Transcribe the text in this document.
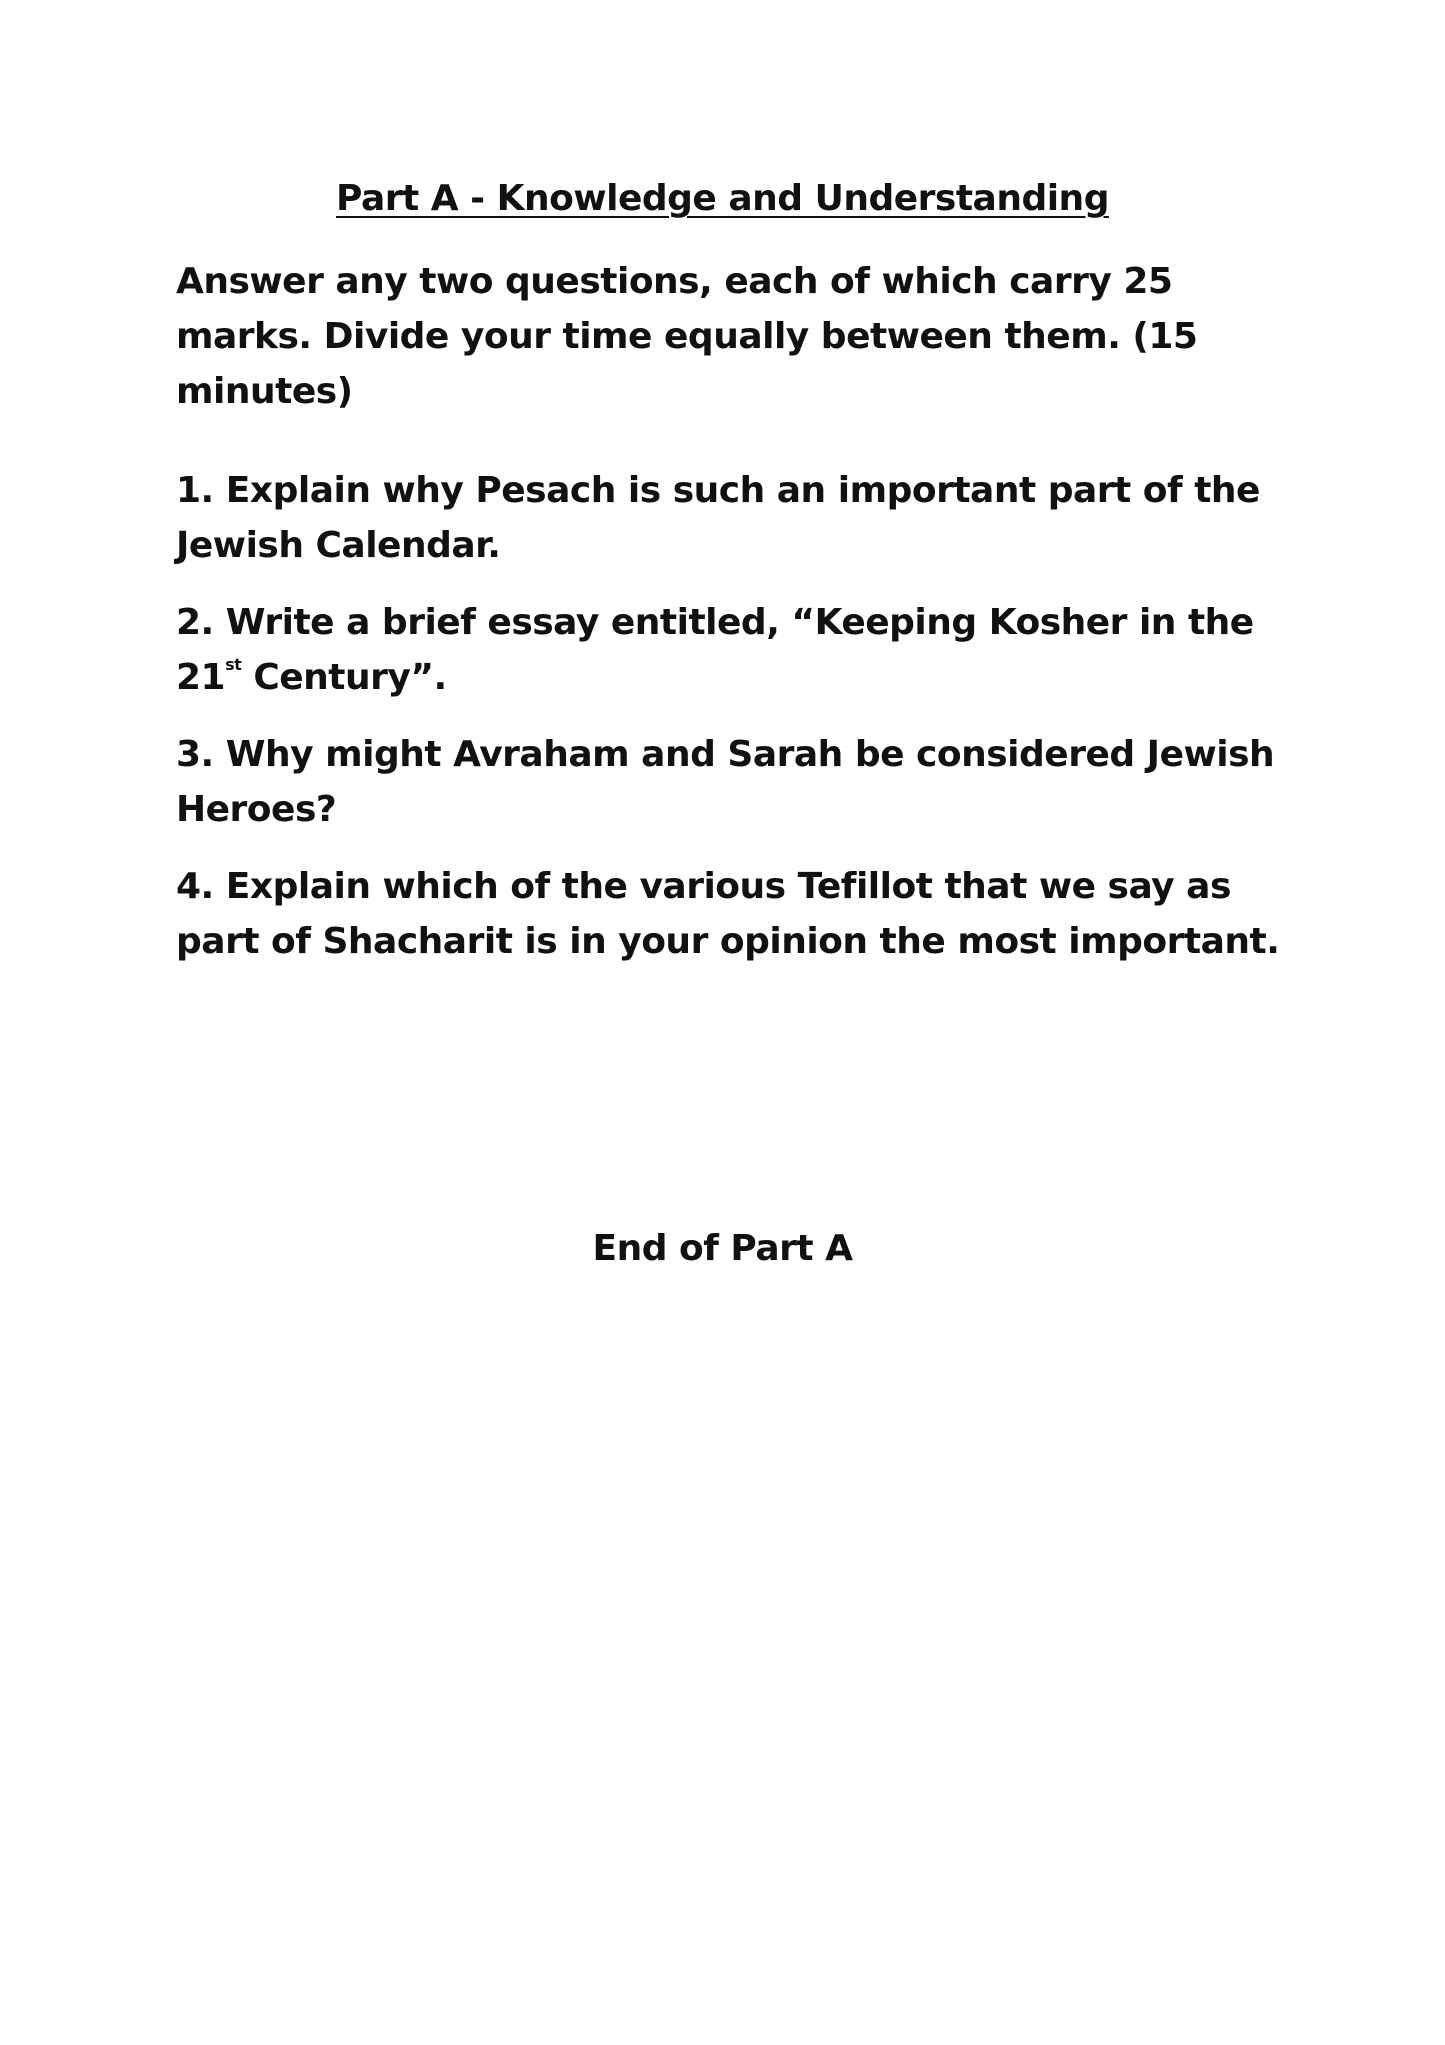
Part A - Knowledge and Understanding
Answer any two questions, each of which carry 25 marks. Divide your time equally between them. (15 minutes)
1. Explain why Pesach is such an important part of the Jewish Calendar.
2. Write a brief essay entitled, “Keeping Kosher in the 21st Century”.
3. Why might Avraham and Sarah be considered Jewish Heroes?
4. Explain which of the various Tefillot that we say as part of Shacharit is in your opinion the most important.
End of Part A
